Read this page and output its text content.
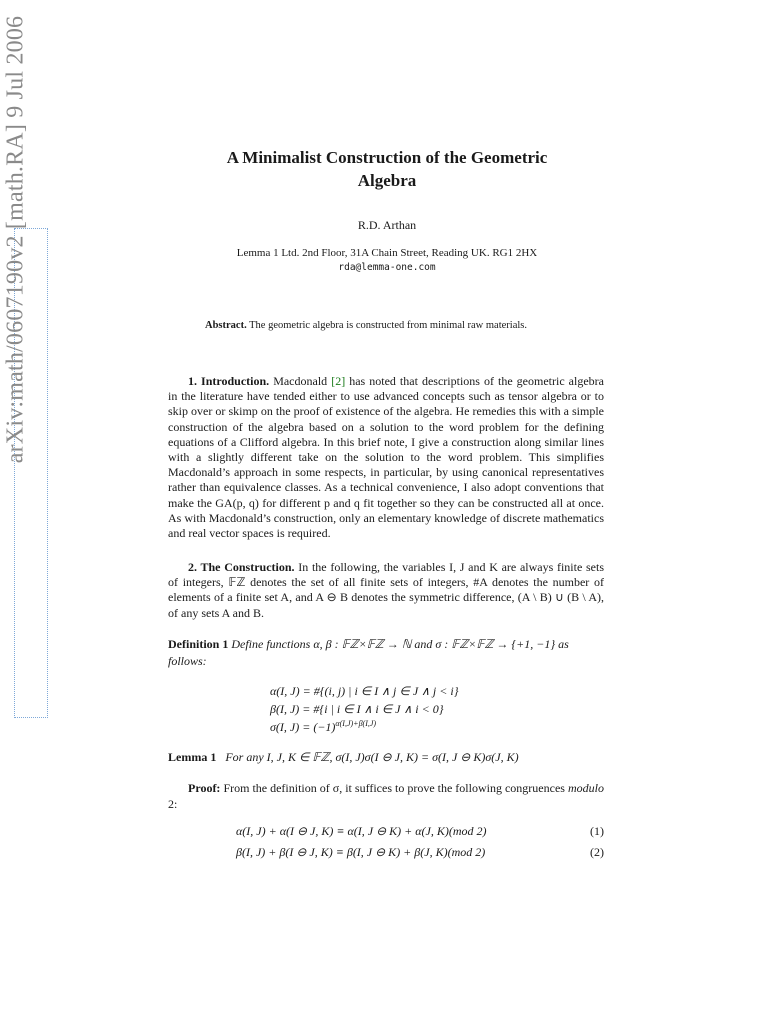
arXiv:math/0607190v2 [math.RA] 9 Jul 2006	A Minimalist Construction of the Geometric
Algebra
R.D. Arthan
Lemma 1 Ltd. 2nd Floor, 31A Chain Street, Reading UK. RG1 2HX
rda@lemma-one.com
Abstract. The geometric algebra is constructed from minimal raw materials.
1. Introduction. Macdonald [2] has noted that descriptions of the geometric algebra in the literature have tended either to use advanced concepts such as tensor algebra or to skip over or skimp on the proof of existence of the algebra. He remedies this with a simple construction of the algebra based on a solution to the word problem for the defining equations of a Clifford algebra. In this brief note, I give a construction along similar lines with a slightly different take on the solution to the word problem. This simplifies Macdonald’s approach in some respects, in particular, by using canonical representatives rather than equivalence classes. As a technical convenience, I also adopt conventions that make the GA(p, q) for different p and q fit together so they can be constructed all at once. As with Macdonald’s construction, only an elementary knowledge of discrete mathematics and real vector spaces is required.
2. The Construction. In the following, the variables I, J and K are always finite sets of integers, 𝔽ℤ denotes the set of all finite sets of integers, #A denotes the number of elements of a finite set A, and A ⊖ B denotes the symmetric difference, (A \ B) ∪ (B \ A), of any sets A and B.
Definition 1 Define functions α, β : 𝔽ℤ×𝔽ℤ → ℕ and σ : 𝔽ℤ×𝔽ℤ → {+1, −1} as follows:
α(I, J) = #{(i, j) | i ∈ I ∧ j ∈ J ∧ j < i}
β(I, J) = #{i | i ∈ I ∧ i ∈ J ∧ i < 0}
σ(I, $J) = (-1)^{\alpha(I,J)+\beta(I,J)}$
Lemma 1 For any I, J, K ∈ 𝔽ℤ, σ(I, J)σ(I ⊖ J, K) = σ(I, J ⊖ K)σ(J, K)
Proof: From the definition of σ, it suffices to prove the following congruences modulo 2:
α(I, J) + α(I ⊖ J, K) ≡ α(I, J ⊖ K) + α(J, K)(mod 2)	(1)
β(I, J) + β(I ⊖ J, K) ≡ β(I, J ⊖ K) + β(J, K)(mod 2)	(2)
